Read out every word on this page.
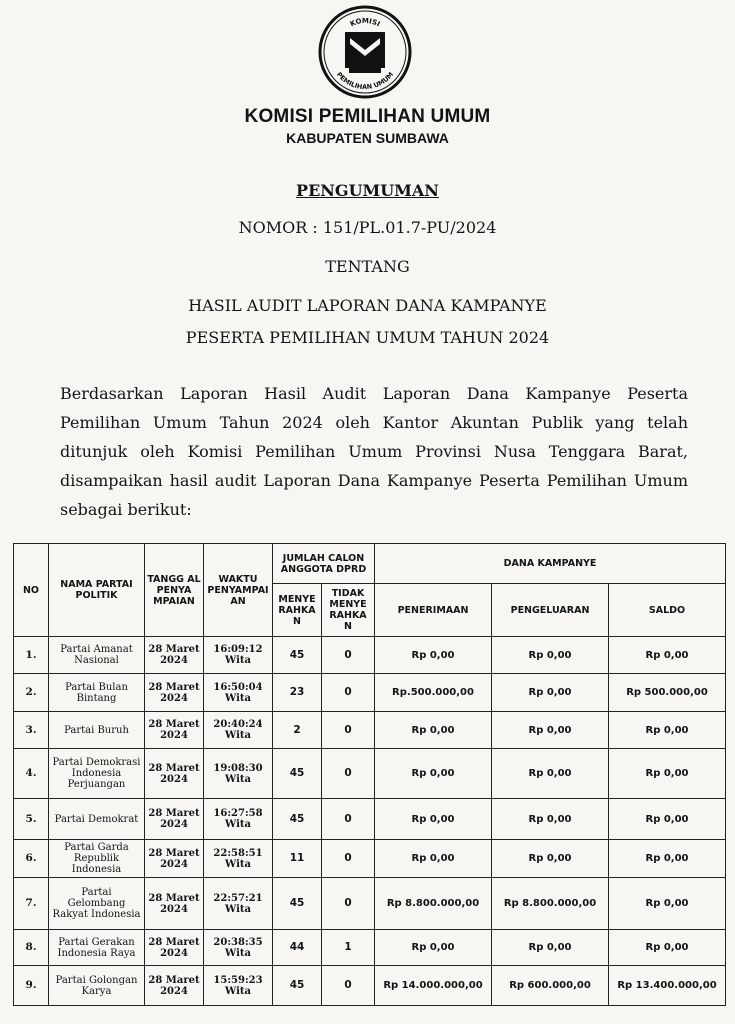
KOMISI
PEMILIHAN UMUM
KOMISI PEMILIHAN UMUM
KABUPATEN SUMBAWA
PENGUMUMAN
NOMOR : 151/PL.01.7-PU/2024
TENTANG
HASIL AUDIT LAPORAN DANA KAMPANYE
PESERTA PEMILIHAN UMUM TAHUN 2024

Berdasarkan Laporan Hasil Audit Laporan Dana Kampanye Peserta Pemilihan Umum Tahun 2024 oleh Kantor Akuntan Publik yang telah ditunjuk oleh Komisi Pemilihan Umum Provinsi Nusa Tenggara Barat, disampaikan hasil audit Laporan Dana Kampanye Peserta Pemilihan Umum sebagai berikut:

NO	NAMA PARTAI POLITIK	TANGG AL PENYA MPAIAN	WAKTU PENYAMPAI AN	JUMLAH CALON ANGGOTA DPRD		DANA KAMPANYE		
				MENYE RAHKA N	TIDAK MENYE RAHKA N	PENERIMAAN	PENGELUARAN	SALDO
1.	Partai Amanat Nasional	28 Maret 2024	16:09:12 Wita	45	0	Rp 0,00	Rp 0,00	Rp 0,00
2.	Partai Bulan Bintang	28 Maret 2024	16:50:04 Wita	23	0	Rp.500.000,00	Rp 0,00	Rp 500.000,00
3.	Partai Buruh	28 Maret 2024	20:40:24 Wita	2	0	Rp 0,00	Rp 0,00	Rp 0,00
4.	Partai Demokrasi Indonesia Perjuangan	28 Maret 2024	19:08:30 Wita	45	0	Rp 0,00	Rp 0,00	Rp 0,00
5.	Partai Demokrat	28 Maret 2024	16:27:58 Wita	45	0	Rp 0,00	Rp 0,00	Rp 0,00
6.	Partai Garda Republik Indonesia	28 Maret 2024	22:58:51 Wita	11	0	Rp 0,00	Rp 0,00	Rp 0,00
7.	Partai Gelombang Rakyat Indonesia	28 Maret 2024	22:57:21 Wita	45	0	Rp 8.800.000,00	Rp 8.800.000,00	Rp 0,00
8.	Partai Gerakan Indonesia Raya	28 Maret 2024	20:38:35 Wita	44	1	Rp 0,00	Rp 0,00	Rp 0,00
9.	Partai Golongan Karya	28 Maret 2024	15:59:23 Wita	45	0	Rp 14.000.000,00	Rp 600.000,00	Rp 13.400.000,00
